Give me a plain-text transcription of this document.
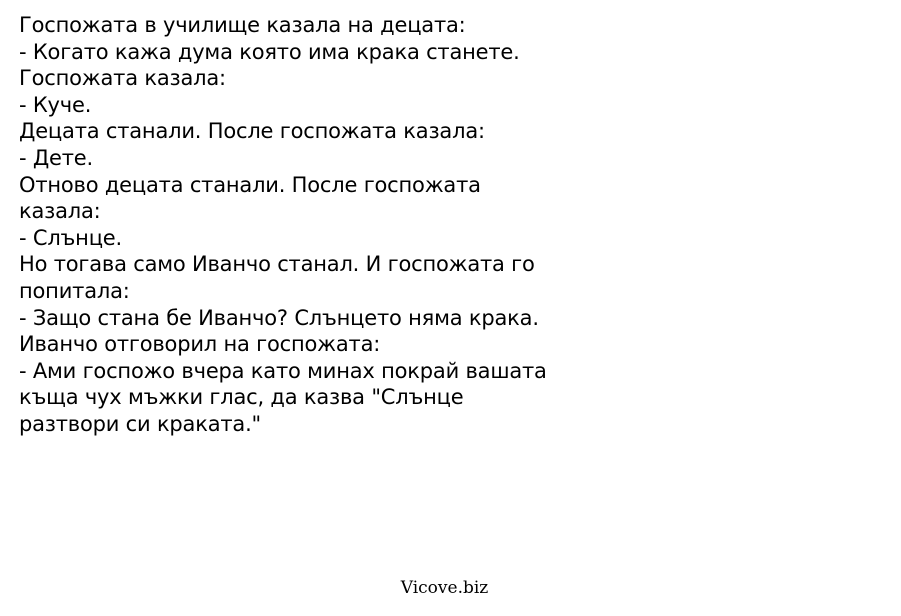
Госпожата в училище казала на децата:
- Когато кажа дума която има крака станете.
Госпожата казала:
- Куче.
Децата станали. После госпожата казала:
- Дете.
Отново децата станали. После госпожата
казала:
- Слънце.
Но тогава само Иванчо станал. И госпожата го
попитала:
- Защо стана бе Иванчо? Слънцето няма крака.
Иванчо отговорил на госпожата:
- Ами госпожо вчера като минах покрай вашата
къща чух мъжки глас, да казва "Слънце
разтвори си краката."
Vicove.biz
